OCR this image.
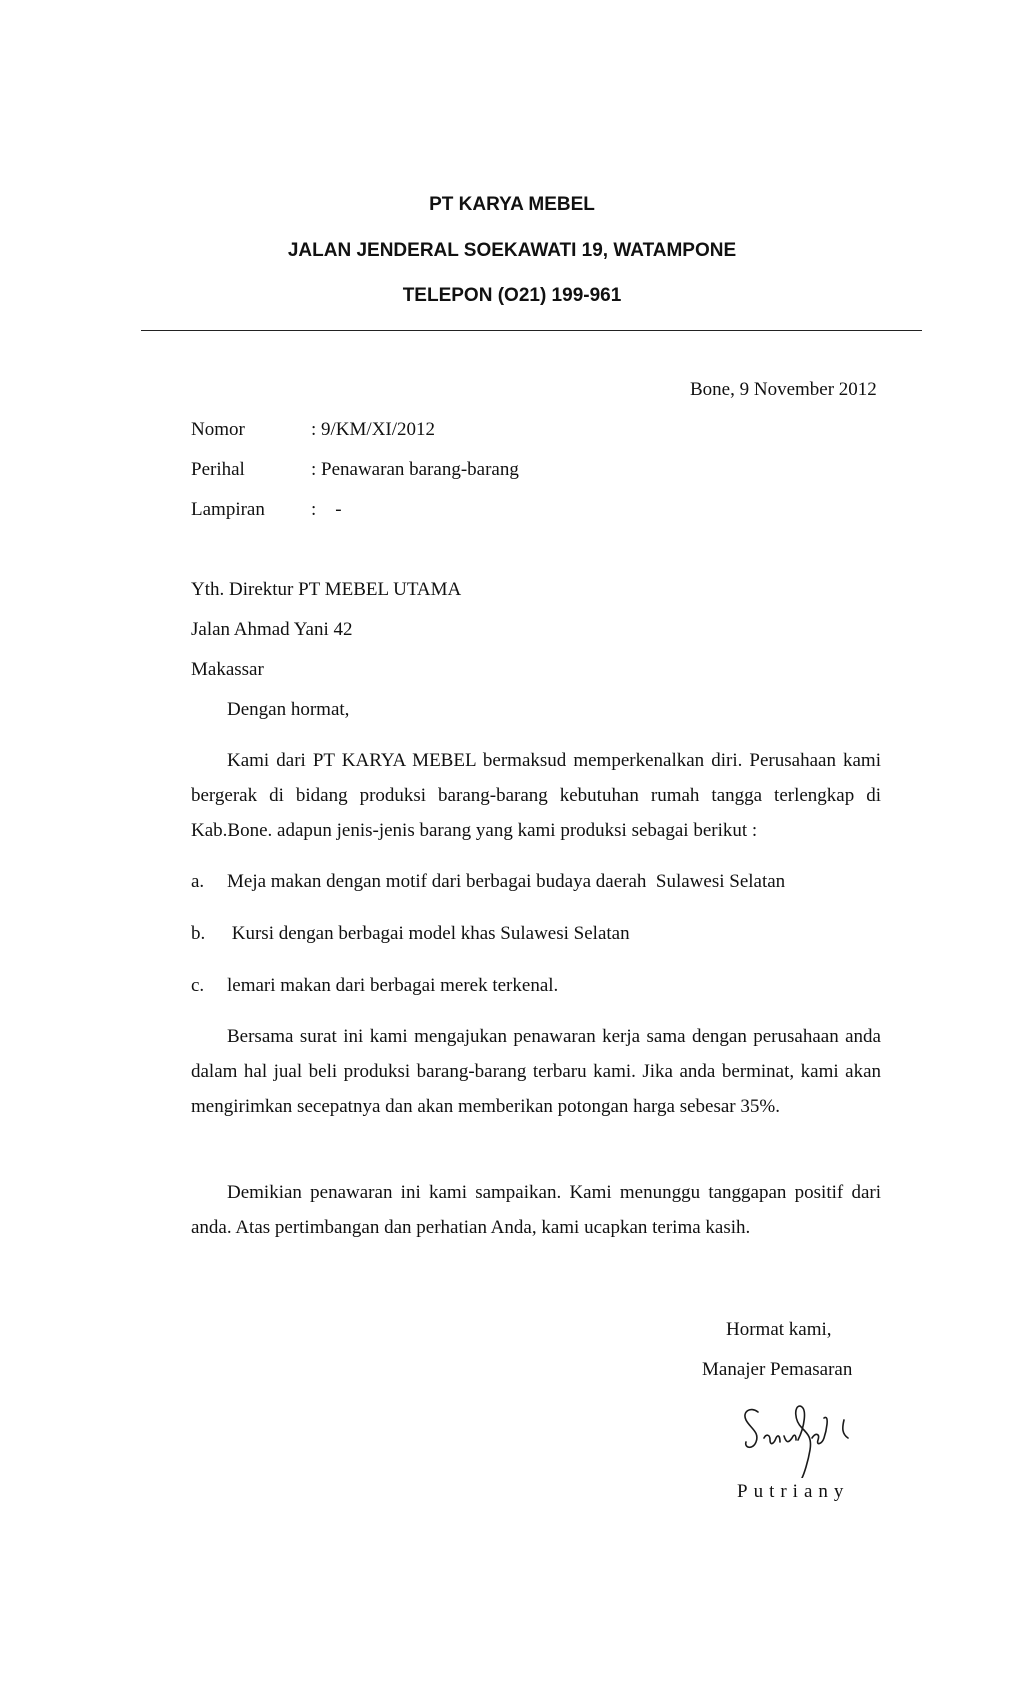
PT KARYA MEBEL
JALAN JENDERAL SOEKAWATI 19, WATAMPONE
TELEPON (O21) 199-961
Bone, 9 November 2012
Nomor	: 9/KM/XI/2012
Perihal	: Penawaran barang-barang
Lampiran :    -
Yth. Direktur PT MEBEL UTAMA
Jalan Ahmad Yani 42
Makassar
Dengan hormat,

Kami dari PT KARYA MEBEL bermaksud memperkenalkan diri. Perusahaan kami bergerak di bidang produksi barang-barang kebutuhan rumah tangga terlengkap di Kab.Bone. adapun jenis-jenis barang yang kami produksi sebagai berikut :

a. Meja makan dengan motif dari berbagai budaya daerah  Sulawesi Selatan
b. Kursi dengan berbagai model khas Sulawesi Selatan
c. lemari makan dari berbagai merek terkenal.

Bersama surat ini kami mengajukan penawaran kerja sama dengan perusahaan anda dalam hal jual beli produksi barang-barang terbaru kami. Jika anda berminat, kami akan mengirimkan secepatnya dan akan memberikan potongan harga sebesar 35%.

Demikian penawaran ini kami sampaikan. Kami menunggu tanggapan positif dari anda. Atas pertimbangan dan perhatian Anda, kami ucapkan terima kasih.

Hormat kami,
Manajer Pemasaran
Putriany
